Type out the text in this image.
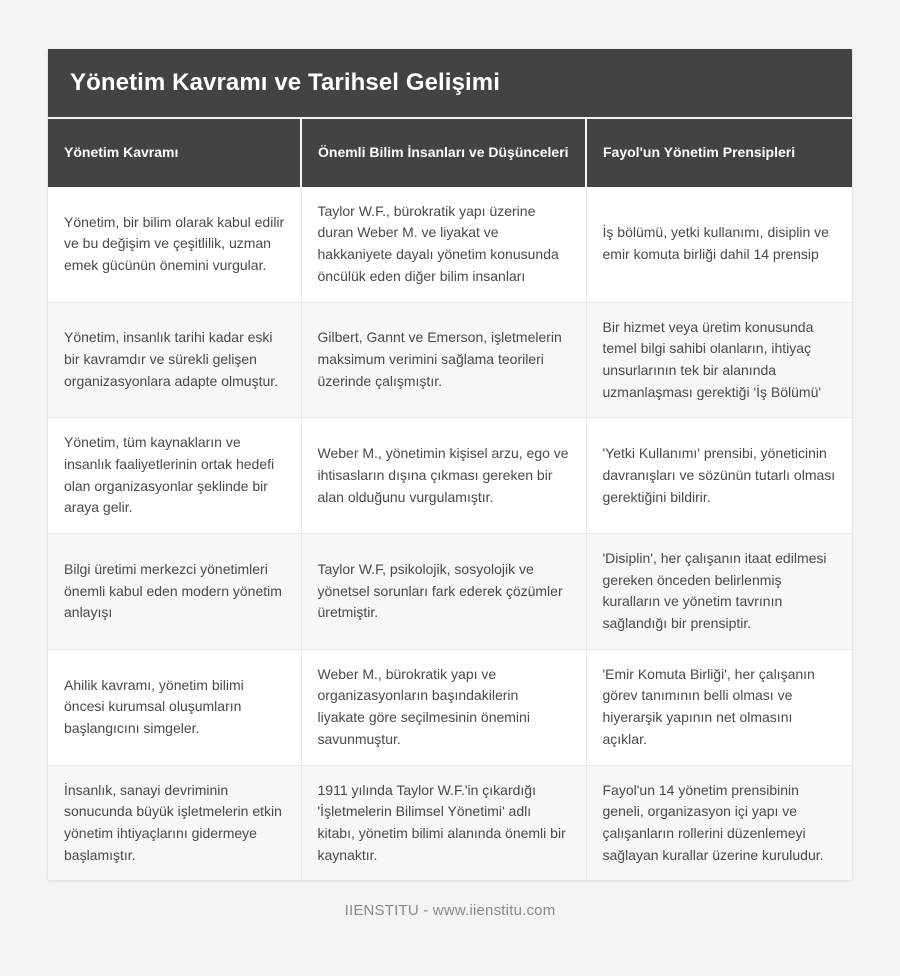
Yönetim Kavramı ve Tarihsel Gelişimi
Yönetim Kavramı	Önemli Bilim İnsanları ve Düşünceleri	Fayol'un Yönetim Prensipleri
Yönetim, bir bilim olarak kabul edilir ve bu değişim ve çeşitlilik, uzman emek gücünün önemini vurgular.	Taylor W.F., bürokratik yapı üzerine duran Weber M. ve liyakat ve hakkaniyete dayalı yönetim konusunda öncülük eden diğer bilim insanları	İş bölümü, yetki kullanımı, disiplin ve emir komuta birliği dahil 14 prensip
Yönetim, insanlık tarihi kadar eski bir kavramdır ve sürekli gelişen organizasyonlara adapte olmuştur.	Gilbert, Gannt ve Emerson, işletmelerin maksimum verimini sağlama teorileri üzerinde çalışmıştır.	Bir hizmet veya üretim konusunda temel bilgi sahibi olanların, ihtiyaç unsurlarının tek bir alanında uzmanlaşması gerektiği 'İş Bölümü'
Yönetim, tüm kaynakların ve insanlık faaliyetlerinin ortak hedefi olan organizasyonlar şeklinde bir araya gelir.	Weber M., yönetimin kişisel arzu, ego ve ihtisasların dışına çıkması gereken bir alan olduğunu vurgulamıştır.	'Yetki Kullanımı' prensibi, yöneticinin davranışları ve sözünün tutarlı olması gerektiğini bildirir.
Bilgi üretimi merkezci yönetimleri önemli kabul eden modern yönetim anlayışı	Taylor W.F, psikolojik, sosyolojik ve yönetsel sorunları fark ederek çözümler üretmiştir.	'Disiplin', her çalışanın itaat edilmesi gereken önceden belirlenmiş kuralların ve yönetim tavrının sağlandığı bir prensiptir.
Ahilik kavramı, yönetim bilimi öncesi kurumsal oluşumların başlangıcını simgeler.	Weber M., bürokratik yapı ve organizasyonların başındakilerin liyakate göre seçilmesinin önemini savunmuştur.	'Emir Komuta Birliği', her çalışanın görev tanımının belli olması ve hiyerarşik yapının net olmasını açıklar.
İnsanlık, sanayi devriminin sonucunda büyük işletmelerin etkin yönetim ihtiyaçlarını gidermeye başlamıştır.	1911 yılında Taylor W.F.'in çıkardığı 'İşletmelerin Bilimsel Yönetimi' adlı kitabı, yönetim bilimi alanında önemli bir kaynaktır.	Fayol'un 14 yönetim prensibinin geneli, organizasyon içi yapı ve çalışanların rollerini düzenlemeyi sağlayan kurallar üzerine kuruludur.
IIENSTITU - www.iienstitu.com
